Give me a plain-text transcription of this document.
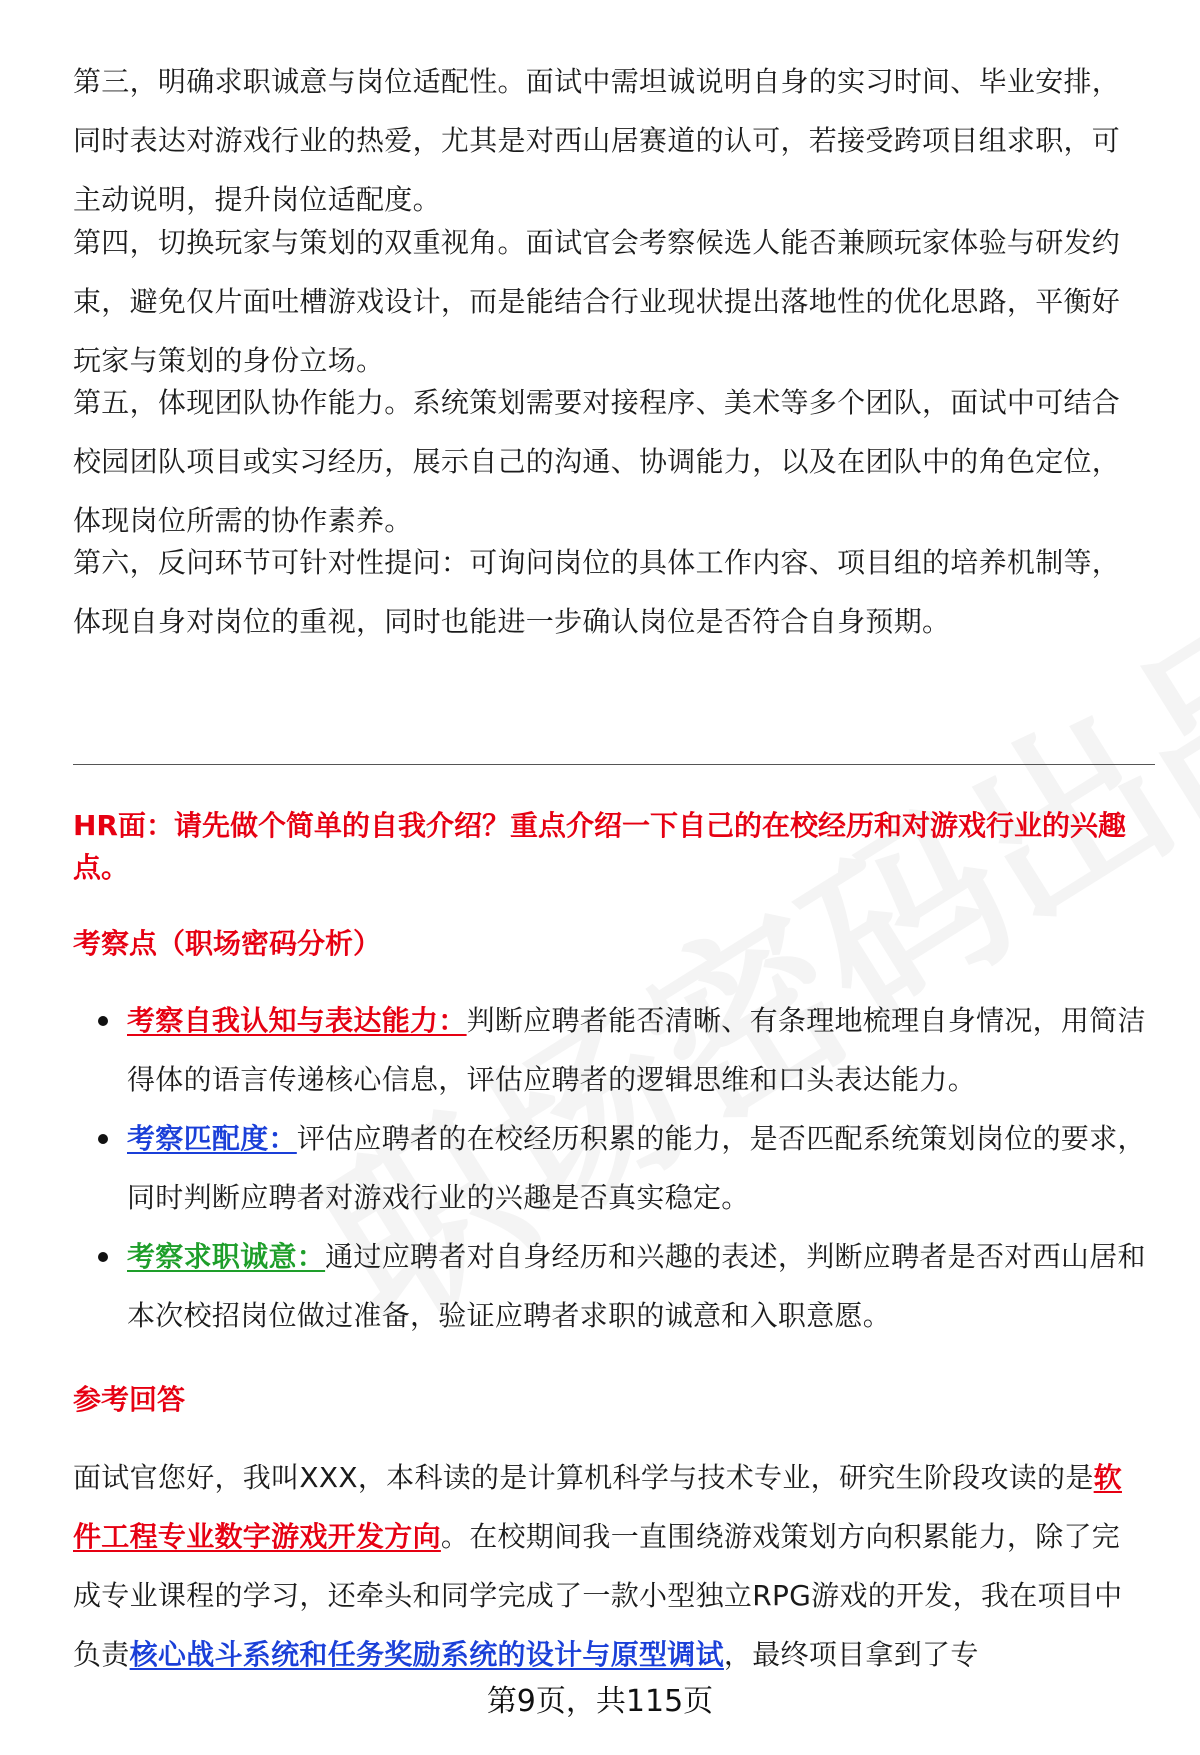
第三，明确求职诚意与岗位适配性。面试中需坦诚说明自身的实习时间、毕业安排，同时表达对游戏行业的热爱，尤其是对西山居赛道的认可，若接受跨项目组求职，可主动说明，提升岗位适配度。

第四，切换玩家与策划的双重视角。面试官会考察候选人能否兼顾玩家体验与研发约束，避免仅片面吐槽游戏设计，而是能结合行业现状提出落地性的优化思路，平衡好玩家与策划的身份立场。

第五，体现团队协作能力。系统策划需要对接程序、美术等多个团队，面试中可结合校园团队项目或实习经历，展示自己的沟通、协调能力，以及在团队中的角色定位，体现岗位所需的协作素养。

第六，反问环节可针对性提问：可询问岗位的具体工作内容、项目组的培养机制等，体现自身对岗位的重视，同时也能进一步确认岗位是否符合自身预期。

HR面：请先做个简单的自我介绍？重点介绍一下自己的在校经历和对游戏行业的兴趣点。

考察点（职场密码分析）

考察自我认知与表达能力：判断应聘者能否清晰、有条理地梳理自身情况，用简洁得体的语言传递核心信息，评估应聘者的逻辑思维和口头表达能力。
考察匹配度：评估应聘者的在校经历积累的能力，是否匹配系统策划岗位的要求，同时判断应聘者对游戏行业的兴趣是否真实稳定。
考察求职诚意：通过应聘者对自身经历和兴趣的表述，判断应聘者是否对西山居和本次校招岗位做过准备，验证应聘者求职的诚意和入职意愿。

参考回答

面试官您好，我叫XXX，本科读的是计算机科学与技术专业，研究生阶段攻读的是软件工程专业数字游戏开发方向。在校期间我一直围绕游戏策划方向积累能力，除了完成专业课程的学习，还牵头和同学完成了一款小型独立RPG游戏的开发，我在项目中负责核心战斗系统和任务奖励系统的设计与原型调试，最终项目拿到了专

第9页，共115页
